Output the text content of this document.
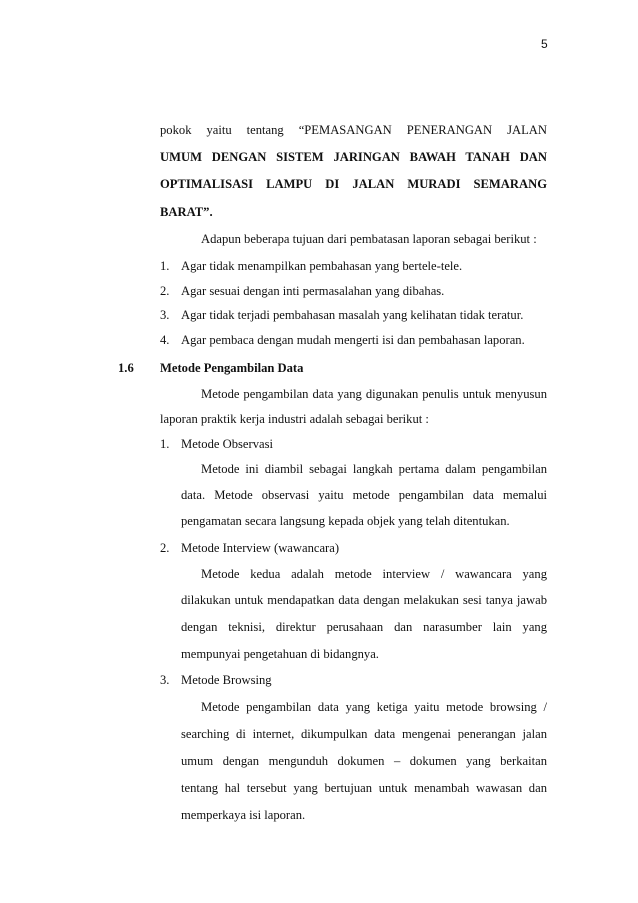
5
pokok yaitu tentang “PEMASANGAN PENERANGAN JALAN
UMUM DENGAN SISTEM JARINGAN BAWAH TANAH DAN
OPTIMALISASI LAMPU DI JALAN MURADI SEMARANG
BARAT”.
Adapun beberapa tujuan dari pembatasan laporan sebagai berikut :
1. Agar tidak menampilkan pembahasan yang bertele-tele.
2. Agar sesuai dengan inti permasalahan yang dibahas.
3. Agar tidak terjadi pembahasan masalah yang kelihatan tidak teratur.
4. Agar pembaca dengan mudah mengerti isi dan pembahasan laporan.
1.6 Metode Pengambilan Data
Metode pengambilan data yang digunakan penulis untuk menyusun
laporan praktik kerja industri adalah sebagai berikut :
1. Metode Observasi
Metode ini diambil sebagai langkah pertama dalam pengambilan
data. Metode observasi yaitu metode pengambilan data memalui
pengamatan secara langsung kepada objek yang telah ditentukan.
2. Metode Interview (wawancara)
Metode kedua adalah metode interview / wawancara yang
dilakukan untuk mendapatkan data dengan melakukan sesi tanya jawab
dengan teknisi, direktur perusahaan dan narasumber lain yang
mempunyai pengetahuan di bidangnya.
3. Metode Browsing
Metode pengambilan data yang ketiga yaitu metode browsing /
searching di internet, dikumpulkan data mengenai penerangan jalan
umum dengan mengunduh dokumen – dokumen yang berkaitan
tentang hal tersebut yang bertujuan untuk menambah wawasan dan
memperkaya isi laporan.
